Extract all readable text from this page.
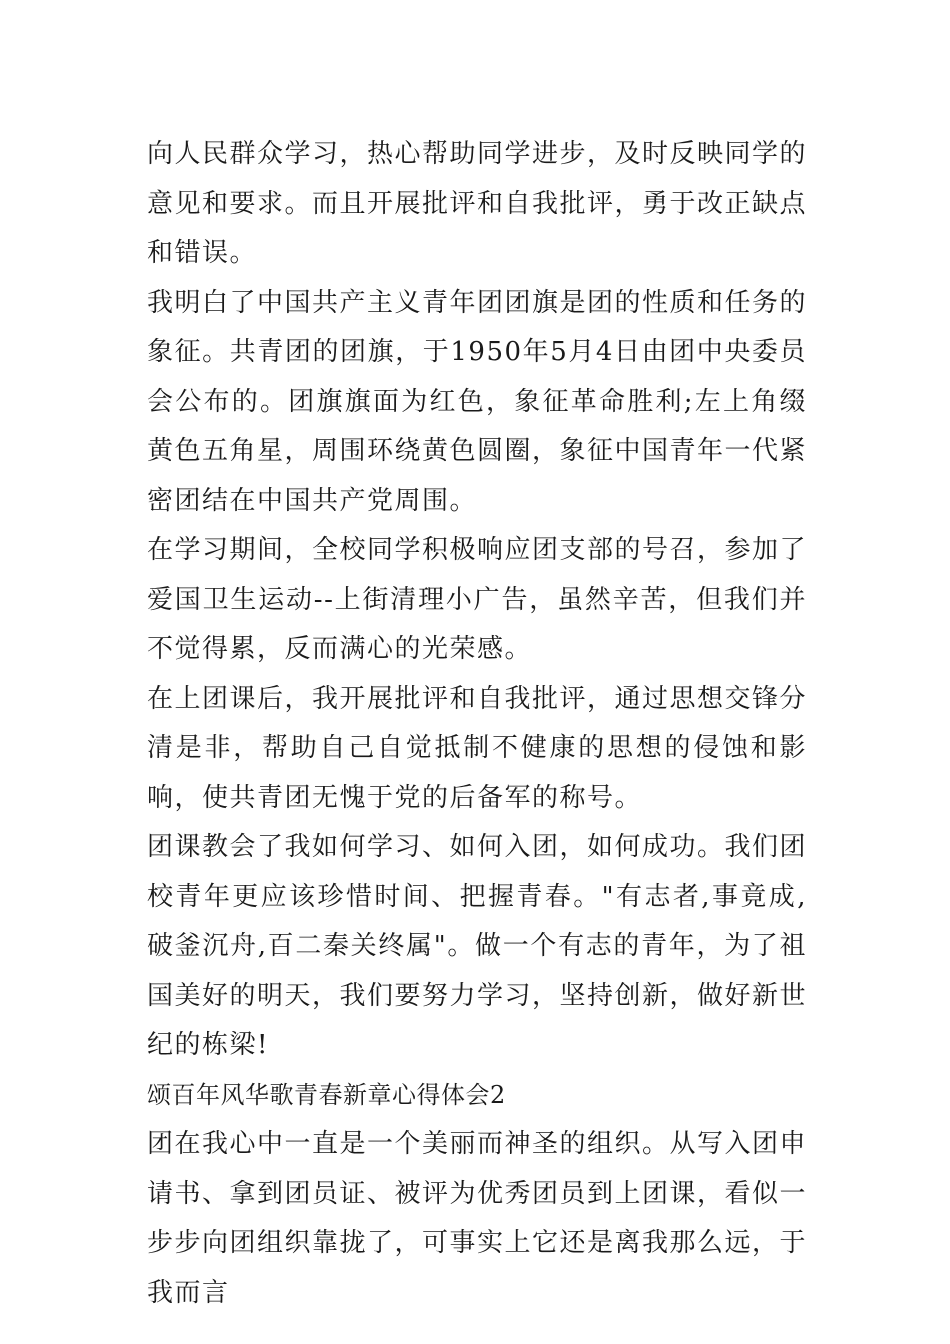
向人民群众学习，热心帮助同学进步，及时反映同学的意见和要求。而且开展批评和自我批评，勇于改正缺点和错误。

我明白了中国共产主义青年团团旗是团的性质和任务的象征。共青团的团旗，于1950年5月4日由团中央委员会公布的。团旗旗面为红色，象征革命胜利;左上角缀黄色五角星，周围环绕黄色圆圈，象征中国青年一代紧密团结在中国共产党周围。

在学习期间，全校同学积极响应团支部的号召，参加了爱国卫生运动--上街清理小广告，虽然辛苦，但我们并不觉得累，反而满心的光荣感。

在上团课后，我开展批评和自我批评，通过思想交锋分清是非，帮助自己自觉抵制不健康的思想的侵蚀和影响，使共青团无愧于党的后备军的称号。

团课教会了我如何学习、如何入团，如何成功。我们团校青年更应该珍惜时间、把握青春。"有志者,事竟成,破釜沉舟,百二秦关终属"。做一个有志的青年，为了祖国美好的明天，我们要努力学习，坚持创新，做好新世纪的栋梁!

颂百年风华歌青春新章心得体会2

团在我心中一直是一个美丽而神圣的组织。从写入团申请书、拿到团员证、被评为优秀团员到上团课，看似一步步向团组织靠拢了，可事实上它还是离我那么远，于我而言
